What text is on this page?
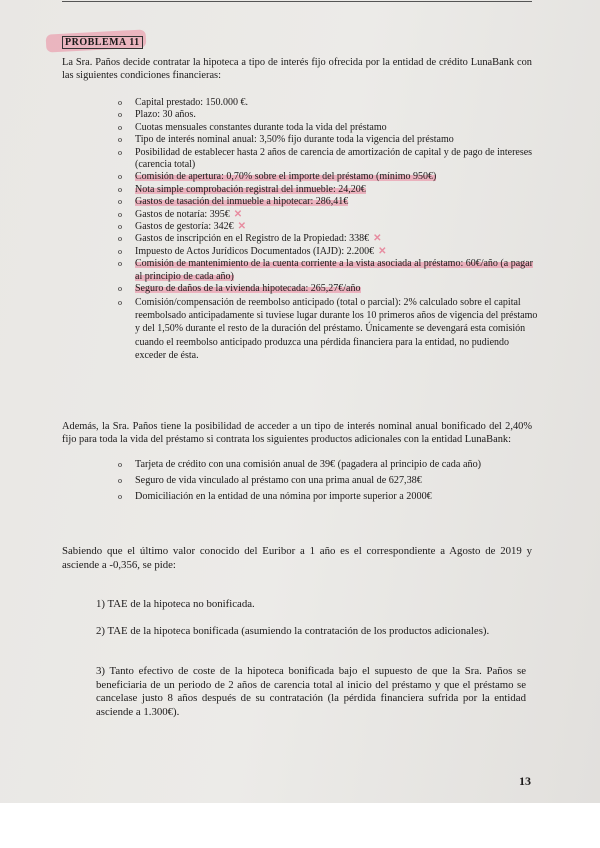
PROBLEMA 11
La Sra. Paños decide contratar la hipoteca a tipo de interés fijo ofrecida por la entidad de crédito LunaBank con las siguientes condiciones financieras:
o Capital prestado: 150.000 €.
o Plazo: 30 años.
o Cuotas mensuales constantes durante toda la vida del préstamo
o Tipo de interés nominal anual: 3,50% fijo durante toda la vigencia del préstamo
o Posibilidad de establecer hasta 2 años de carencia de amortización de capital y de pago de intereses (carencia total)
o Comisión de apertura: 0,70% sobre el importe del préstamo (mínimo 950€)
o Nota simple comprobación registral del inmueble: 24,20€
o Gastos de tasación del inmueble a hipotecar: 286,41€
o Gastos de notaría: 395€ ✕
o Gastos de gestoría: 342€ ✕
o Gastos de inscripción en el Registro de la Propiedad: 338€ ✕
o Impuesto de Actos Jurídicos Documentados (IAJD): 2.200€ ✕
o Comisión de mantenimiento de la cuenta corriente a la vista asociada al préstamo: 60€/año (a pagar al principio de cada año)
o Seguro de daños de la vivienda hipotecada: 265,27€/año
o Comisión/compensación de reembolso anticipado (total o parcial): 2% calculado sobre el capital reembolsado anticipadamente si tuviese lugar durante los 10 primeros años de vigencia del préstamo y del 1,50% durante el resto de la duración del préstamo. Únicamente se devengará esta comisión cuando el reembolso anticipado produzca una pérdida financiera para la entidad, no pudiendo exceder de ésta.
Además, la Sra. Paños tiene la posibilidad de acceder a un tipo de interés nominal anual bonificado del 2,40% fijo para toda la vida del préstamo si contrata los siguientes productos adicionales con la entidad LunaBank:
o Tarjeta de crédito con una comisión anual de 39€ (pagadera al principio de cada año)
o Seguro de vida vinculado al préstamo con una prima anual de 627,38€
o Domiciliación en la entidad de una nómina por importe superior a 2000€
Sabiendo que el último valor conocido del Euribor a 1 año es el correspondiente a Agosto de 2019 y asciende a -0,356, se pide:
1) TAE de la hipoteca no bonificada.
2) TAE de la hipoteca bonificada (asumiendo la contratación de los productos adicionales).
3) Tanto efectivo de coste de la hipoteca bonificada bajo el supuesto de que la Sra. Paños se beneficiaria de un periodo de 2 años de carencia total al inicio del préstamo y que el préstamo se cancelase justo 8 años después de su contratación (la pérdida financiera sufrida por la entidad asciende a 1.300€).
13
